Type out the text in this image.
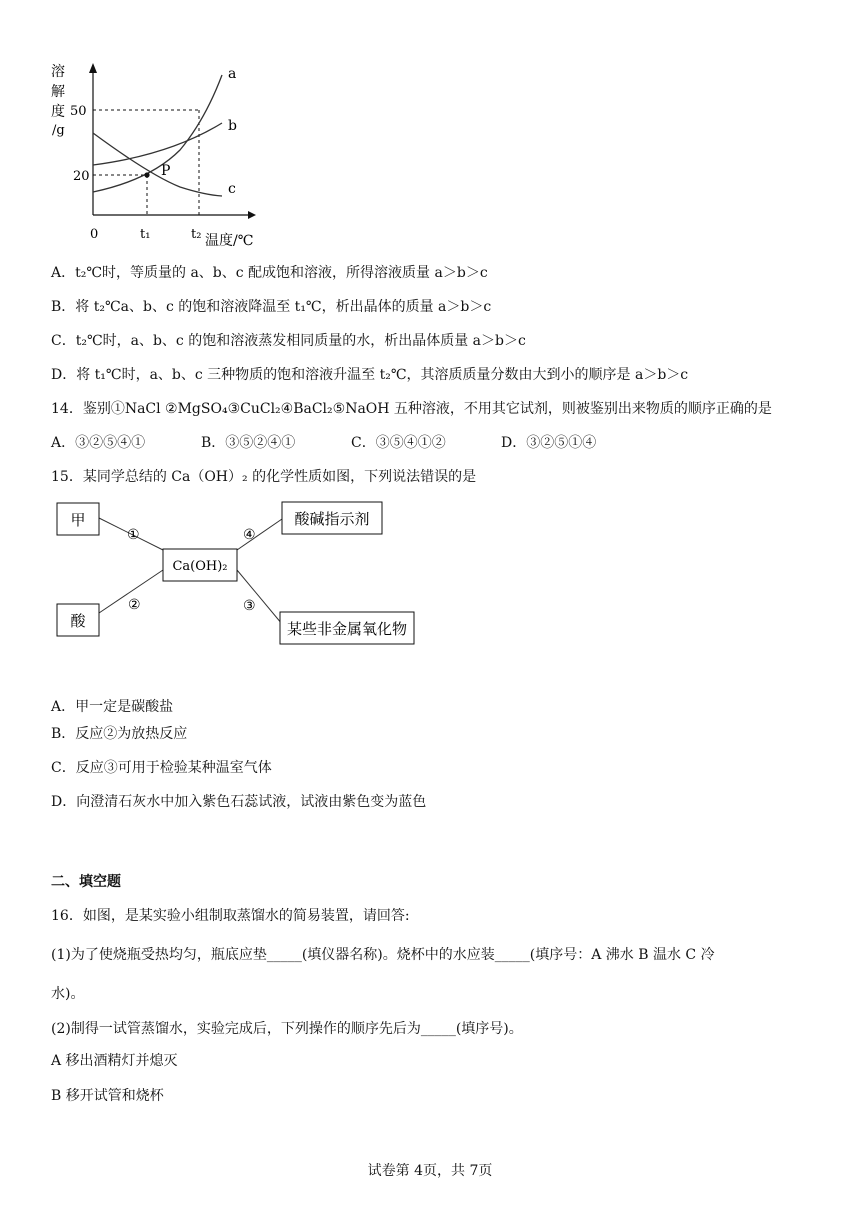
溶
解
度
/g
50
20
0	t₁	t₂ 温度/℃
a
b
c
P
A．t₂℃时，等质量的 a、b、c 配成饱和溶液，所得溶液质量 a＞b＞c
B．将 t₂℃a、b、c 的饱和溶液降温至 t₁℃，析出晶体的质量 a＞b＞c
C．t₂℃时，a、b、c 的饱和溶液蒸发相同质量的水，析出晶体质量 a＞b＞c
D．将 t₁℃时，a、b、c 三种物质的饱和溶液升温至 t₂℃，其溶质质量分数由大到小的顺序是 a＞b＞c
14．鉴别①NaCl ②MgSO₄③CuCl₂④BaCl₂⑤NaOH 五种溶液，不用其它试剂，则被鉴别出来物质的顺序正确的是
A．③②⑤④①	B．③⑤②④①	C．③⑤④①②	D．③②⑤①④
15．某同学总结的 Ca（OH）₂ 的化学性质如图，下列说法错误的是
甲
酸
Ca(OH)₂
酸碱指示剂
某些非金属氧化物
①
②	③
④
A．甲一定是碳酸盐
B．反应②为放热反应
C．反应③可用于检验某种温室气体
D．向澄清石灰水中加入紫色石蕊试液，试液由紫色变为蓝色
二、填空题
16．如图，是某实验小组制取蒸馏水的简易装置，请回答:
(1)为了使烧瓶受热均匀，瓶底应垫_____(填仪器名称)。烧杯中的水应装_____(填序号：A 沸水 B 温水 C 冷
水)。
(2)制得一试管蒸馏水，实验完成后，下列操作的顺序先后为_____(填序号)。
A 移出酒精灯并熄灭
B 移开试管和烧杯
试卷第 4页，共 7页
